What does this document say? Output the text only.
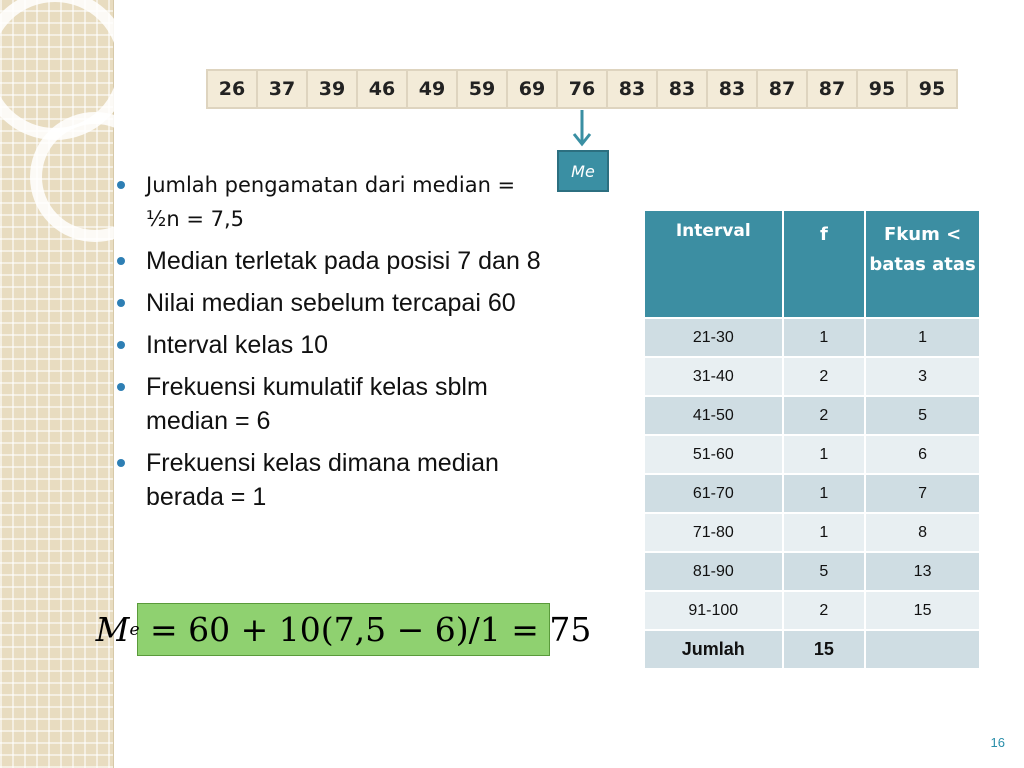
26	37	39	46	49	59	69	76	83	83	83	87	87	95	95
Me
Jumlah pengamatan dari median = ½n = 7,5
Median terletak pada posisi 7 dan 8
Nilai median sebelum tercapai 60
Interval kelas 10
Frekuensi kumulatif kelas sblm median = 6
Frekuensi kelas dimana median berada = 1
M e
= 60 + 10(7,5 − 6)/1 = 75
Interval	f	Fkum < batas atas
21-30	1	1
31-40	2	3
41-50	2	5
51-60	1	6
61-70	1	7
71-80	1	8
81-90	5	13
91-100	2	15
Jumlah	15	
16
